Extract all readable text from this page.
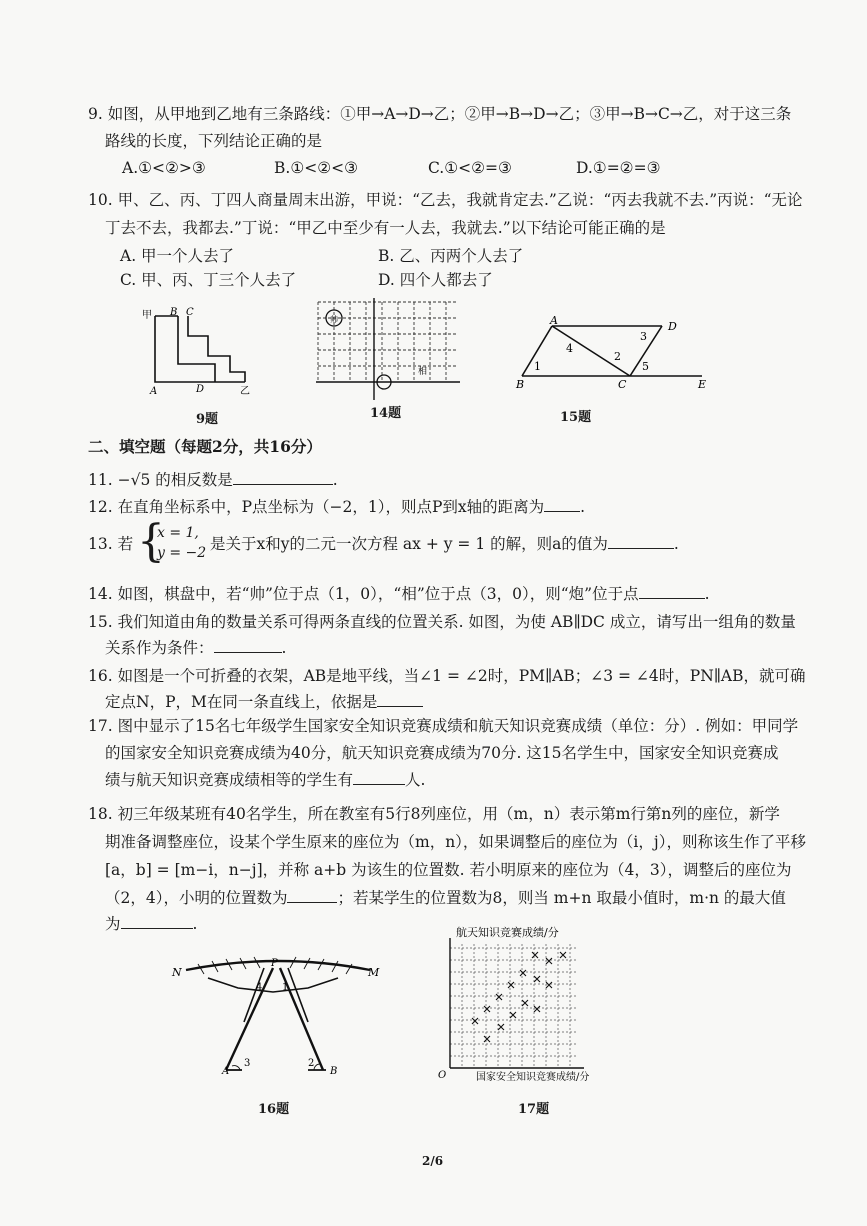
9. 如图，从甲地到乙地有三条路线：①甲→A→D→乙；②甲→B→D→乙；③甲→B→C→乙，对于这三条
路线的长度，下列结论正确的是
A.①<②>③	B.①<②<③	C.①<②=③	D.①=②=③
10. 甲、乙、丙、丁四人商量周末出游，甲说：“乙去，我就肯定去.”乙说：“丙去我就不去.”丙说：“无论
丁去不去，我都去.”丁说：“甲乙中至少有一人去，我就去.”以下结论可能正确的是
A. 甲一个人去了	B. 乙、丙两个人去了
C. 甲、丙、丁三个人去了	D. 四个人都去了
甲 B C
A	D	乙
9题
帅
相
14题
A	D
4
3
1
2
5
B	C	E
15题
二、填空题（每题2分，共16分）
11. −√5 的相反数是	.
12. 在直角坐标系中，P点坐标为（−2，1），则点P到x轴的距离为 .
13. 若 {
x = 1,
y = −2 是关于x和y的二元一次方程 ax + y = 1 的解，则a的值为	.
14. 如图，棋盘中，若“帅”位于点（1，0），“相”位于点（3，0），则“炮”位于点	.
15. 我们知道由角的数量关系可得两条直线的位置关系. 如图，为使 AB∥DC 成立，请写出一组角的数量
关系作为条件：	.
16. 如图是一个可折叠的衣架，AB是地平线，当∠1 = ∠2时，PM∥AB；∠3 = ∠4时，PN∥AB，就可确
定点N，P，M在同一条直线上，依据是
17. 图中显示了15名七年级学生国家安全知识竞赛成绩和航天知识竞赛成绩（单位：分）. 例如：甲同学
的国家安全知识竞赛成绩为40分，航天知识竞赛成绩为70分. 这15名学生中，国家安全知识竞赛成
绩与航天知识竞赛成绩相等的学生有	人.
18. 初三年级某班有40名学生，所在教室有5行8列座位，用（m，n）表示第m行第n列的座位，新学
期准备调整座位，设某个学生原来的座位为（m，n），如果调整后的座位为（i，j），则称该生作了平移
[a，b] = [m−i，n−j]，并称 a+b 为该生的位置数. 若小明原来的座位为（4，3），调整后的座位为
（2，4），小明的位置数为	；若某学生的位置数为8，则当 m+n 取最小值时，m·n 的最大值
为	.
N
P
M
4 1
A
3	2
B
16题
航天知识竞赛成绩/分
O	国家安全知识竞赛成绩/分
17题
2/6
